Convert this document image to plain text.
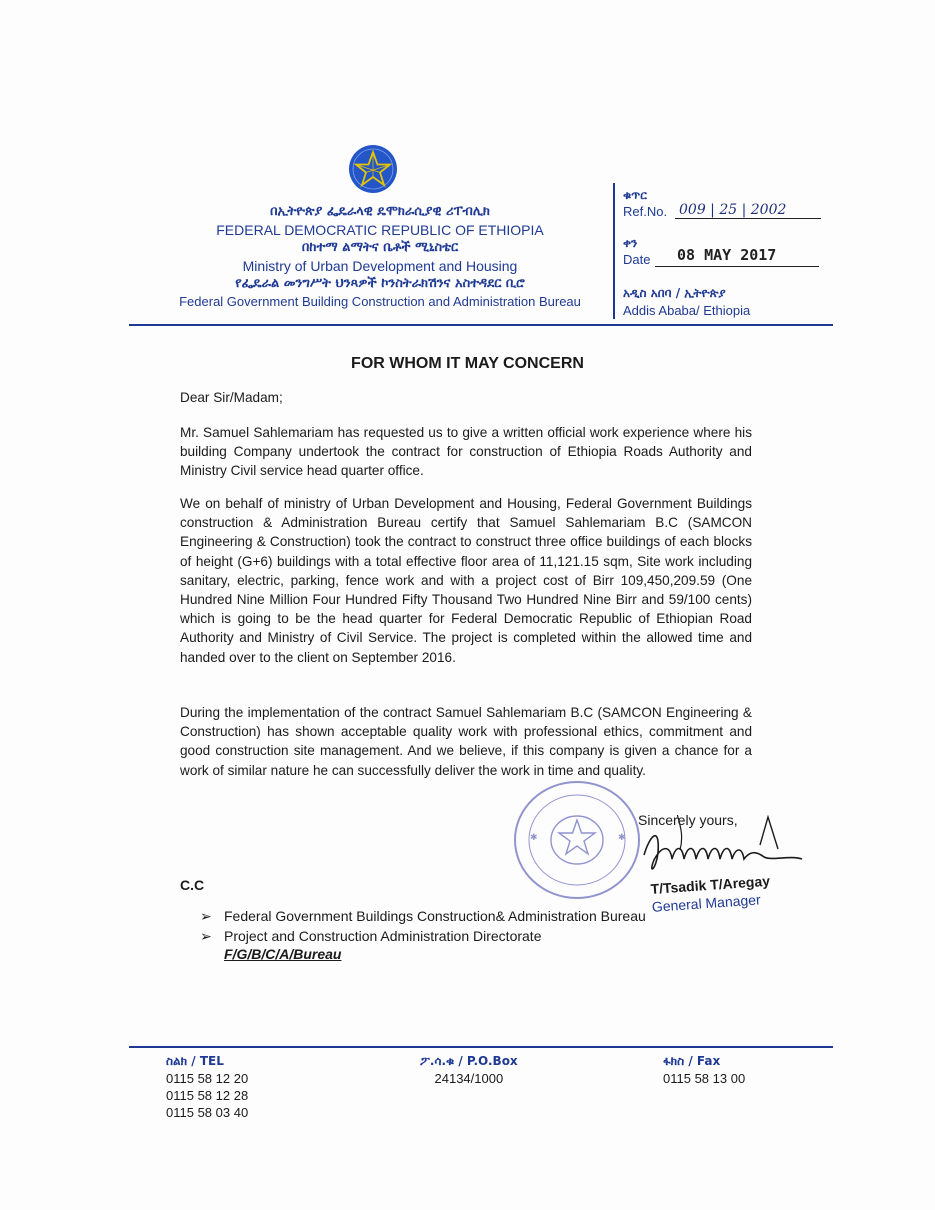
በኢትዮጵያ ፌዴራላዊ ዴሞክራሲያዊ ሪፐብሊክ
FEDERAL DEMOCRATIC REPUBLIC OF ETHIOPIA
በከተማ ልማትና ቤቶች ሚኒስቴር
Ministry of Urban Development and Housing
የፌዴራል መንግሥት ህንጻዎች ኮንስትራክሽንና አስተዳደር ቢሮ
Federal Government Building Construction and Administration Bureau
ቁጥር
Ref.No. 009 | 25 | 2002
ቀን
Date 08 MAY 2017
አዲስ አበባ / ኢትዮጵያ
Addis Ababa/ Ethiopia
FOR WHOM IT MAY CONCERN
Dear Sir/Madam;
Mr. Samuel Sahlemariam has requested us to give a written official work experience where his building Company undertook the contract for construction of Ethiopia Roads Authority and Ministry Civil service head quarter office.
We on behalf of ministry of Urban Development and Housing, Federal Government Buildings construction & Administration Bureau certify that Samuel Sahlemariam B.C (SAMCON Engineering & Construction) took the contract to construct three office buildings of each blocks of height (G+6) buildings with a total effective floor area of 11,121.15 sqm, Site work including sanitary, electric, parking, fence work and with a project cost of Birr 109,450,209.59 (One Hundred Nine Million Four Hundred Fifty Thousand Two Hundred Nine Birr and 59/100 cents) which is going to be the head quarter for Federal Democratic Republic of Ethiopian Road Authority and Ministry of Civil Service. The project is completed within the allowed time and handed over to the client on September 2016.
During the implementation of the contract Samuel Sahlemariam B.C (SAMCON Engineering & Construction) has shown acceptable quality work with professional ethics, commitment and good construction site management. And we believe, if this company is given a chance for a work of similar nature he can successfully deliver the work in time and quality.
✱	✱
Sincerely yours,
T/Tsadik T/Aregay
General Manager
C.C
➢ Federal Government Buildings Construction& Administration Bureau
➢ Project and Construction Administration Directorate
F/G/B/C/A/Bureau
ስልክ / TEL
0115 58 12 20
0115 58 12 28
0115 58 03 40
ፖ.ሳ.ቁ / P.O.Box
24134/1000
ፋክስ / Fax
0115 58 13 00
